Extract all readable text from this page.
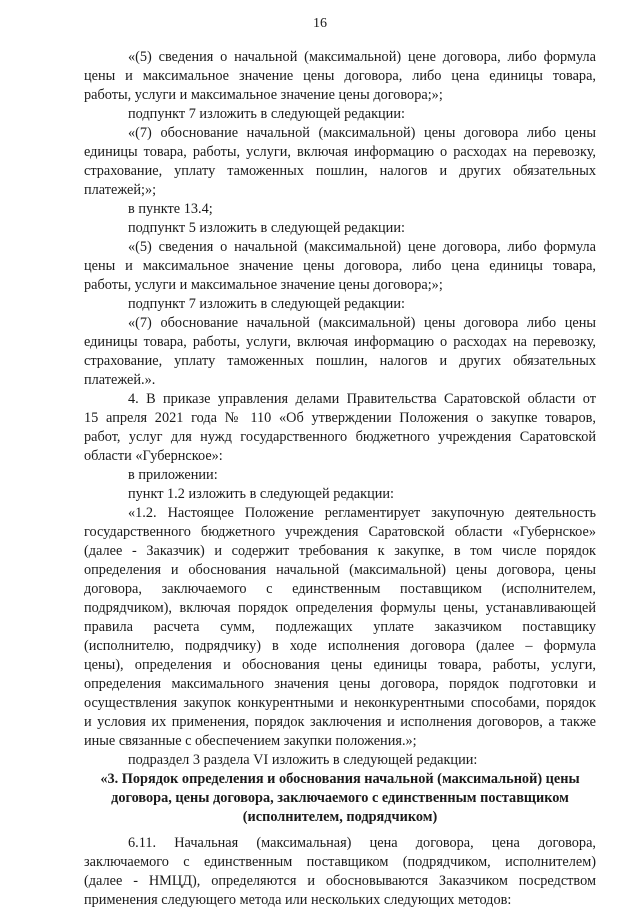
16
«(5) сведения о начальной (максимальной) цене договора, либо формула
цены и максимальное значение цены договора, либо цена единицы товара,
работы, услуги и максимальное значение цены договора;»;
подпункт 7 изложить в следующей редакции:
«(7) обоснование начальной (максимальной) цены договора либо цены
единицы товара, работы, услуги, включая информацию о расходах на перевозку,
страхование, уплату таможенных пошлин, налогов и других обязательных
платежей;»;
в пункте 13.4;
подпункт 5 изложить в следующей редакции:
«(5) сведения о начальной (максимальной) цене договора, либо формула
цены и максимальное значение цены договора, либо цена единицы товара,
работы, услуги и максимальное значение цены договора;»;
подпункт 7 изложить в следующей редакции:
«(7) обоснование начальной (максимальной) цены договора либо цены
единицы товара, работы, услуги, включая информацию о расходах на перевозку,
страхование, уплату таможенных пошлин, налогов и других обязательных
платежей.».
4. В приказе управления делами Правительства Саратовской области от
15 апреля 2021 года № 110 «Об утверждении Положения о закупке товаров,
работ, услуг для нужд государственного бюджетного учреждения Саратовской
области «Губернское»:
в приложении:
пункт 1.2 изложить в следующей редакции:
«1.2. Настоящее Положение регламентирует закупочную деятельность
государственного бюджетного учреждения Саратовской области «Губернское»
(далее - Заказчик) и содержит требования к закупке, в том числе порядок
определения и обоснования начальной (максимальной) цены договора, цены
договора, заключаемого с единственным поставщиком (исполнителем,
подрядчиком), включая порядок определения формулы цены, устанавливающей
правила расчета сумм, подлежащих уплате заказчиком поставщику
(исполнителю, подрядчику) в ходе исполнения договора (далее – формула
цены), определения и обоснования цены единицы товара, работы, услуги,
определения максимального значения цены договора, порядок подготовки и
осуществления закупок конкурентными и неконкурентными способами, порядок
и условия их применения, порядок заключения и исполнения договоров, а также
иные связанные с обеспечением закупки положения.»;
подраздел 3 раздела VI изложить в следующей редакции:
«3. Порядок определения и обоснования начальной (максимальной) цены
договора, цены договора, заключаемого с единственным поставщиком
(исполнителем, подрядчиком)
6.11. Начальная (максимальная) цена договора, цена договора,
заключаемого с единственным поставщиком (подрядчиком, исполнителем)
(далее - НМЦД), определяются и обосновываются Заказчиком посредством
применения следующего метода или нескольких следующих методов:
